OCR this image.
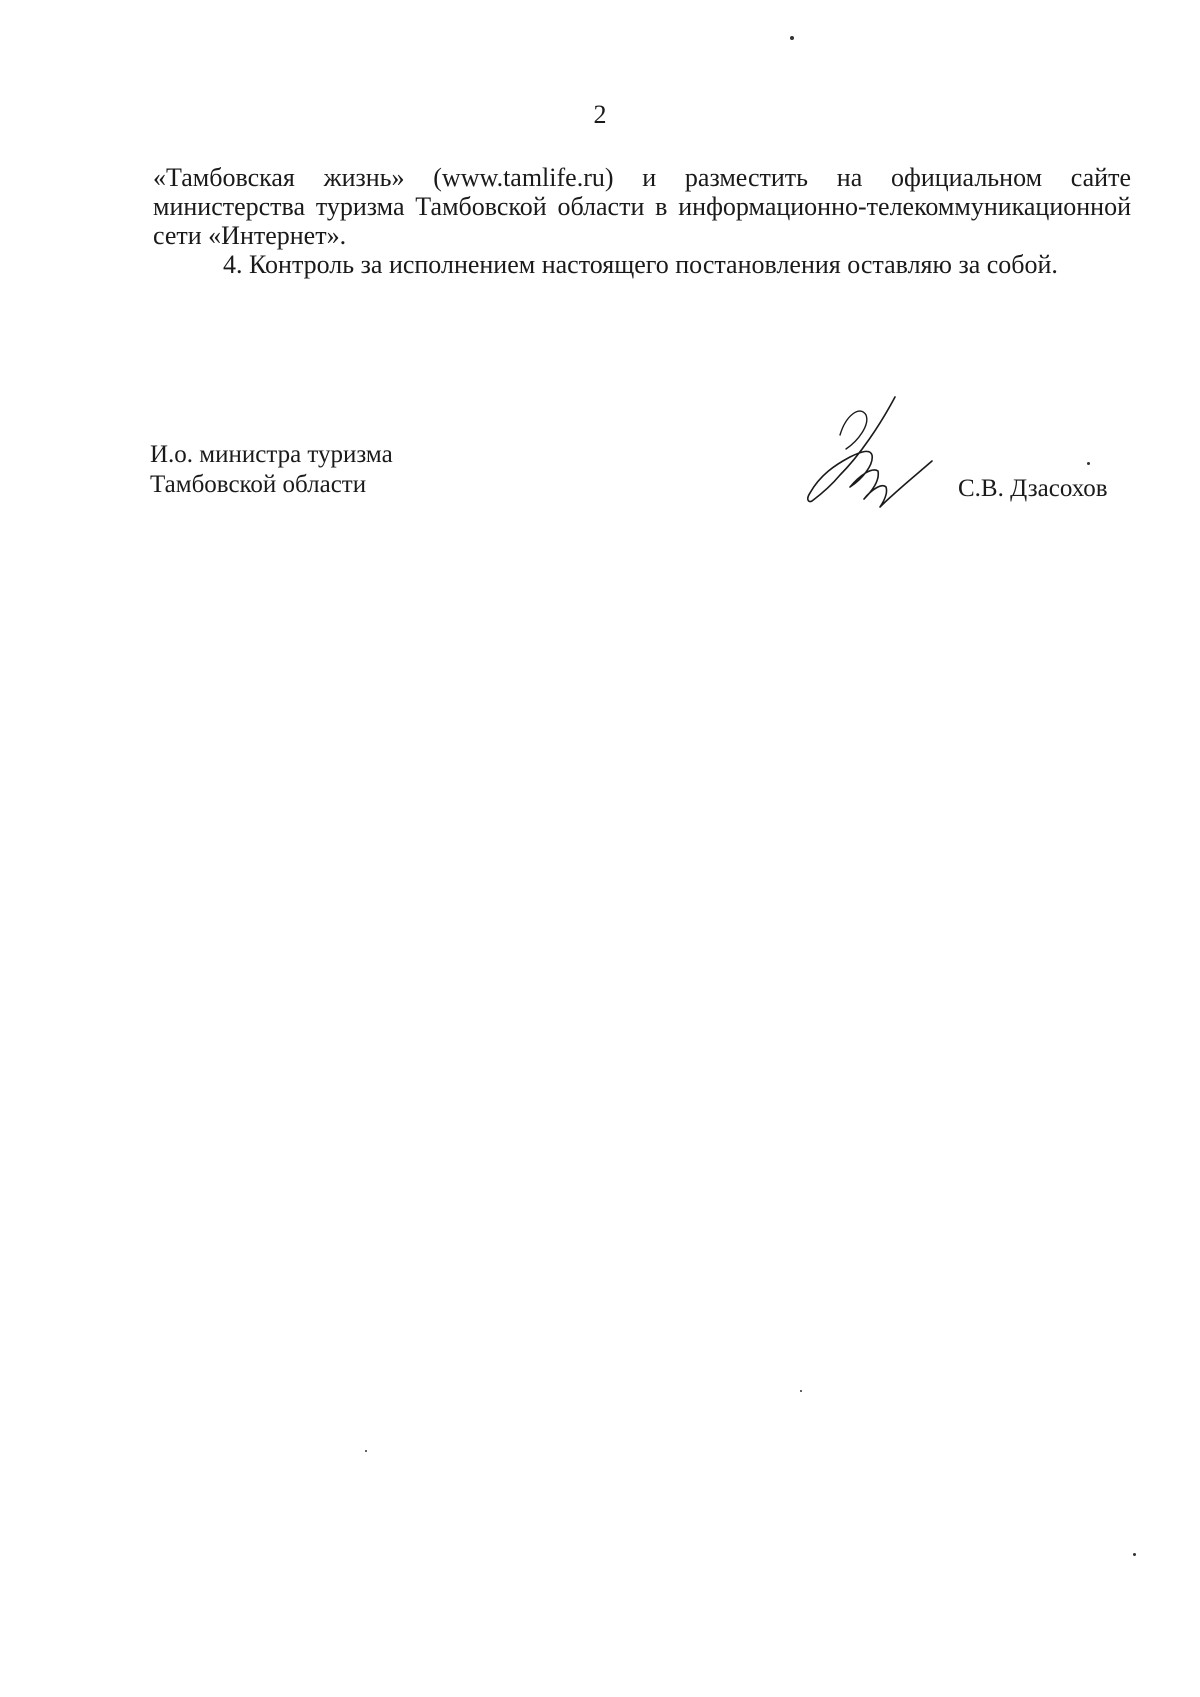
2

«Тамбовская жизнь» (www.tamlife.ru) и разместить на официальном сайте министерства туризма Тамбовской области в информационно-телекоммуникационной сети «Интернет».

4. Контроль за исполнением настоящего постановления оставляю за собой.

И.о. министра туризма
Тамбовской области	С.В. Дзасохов
